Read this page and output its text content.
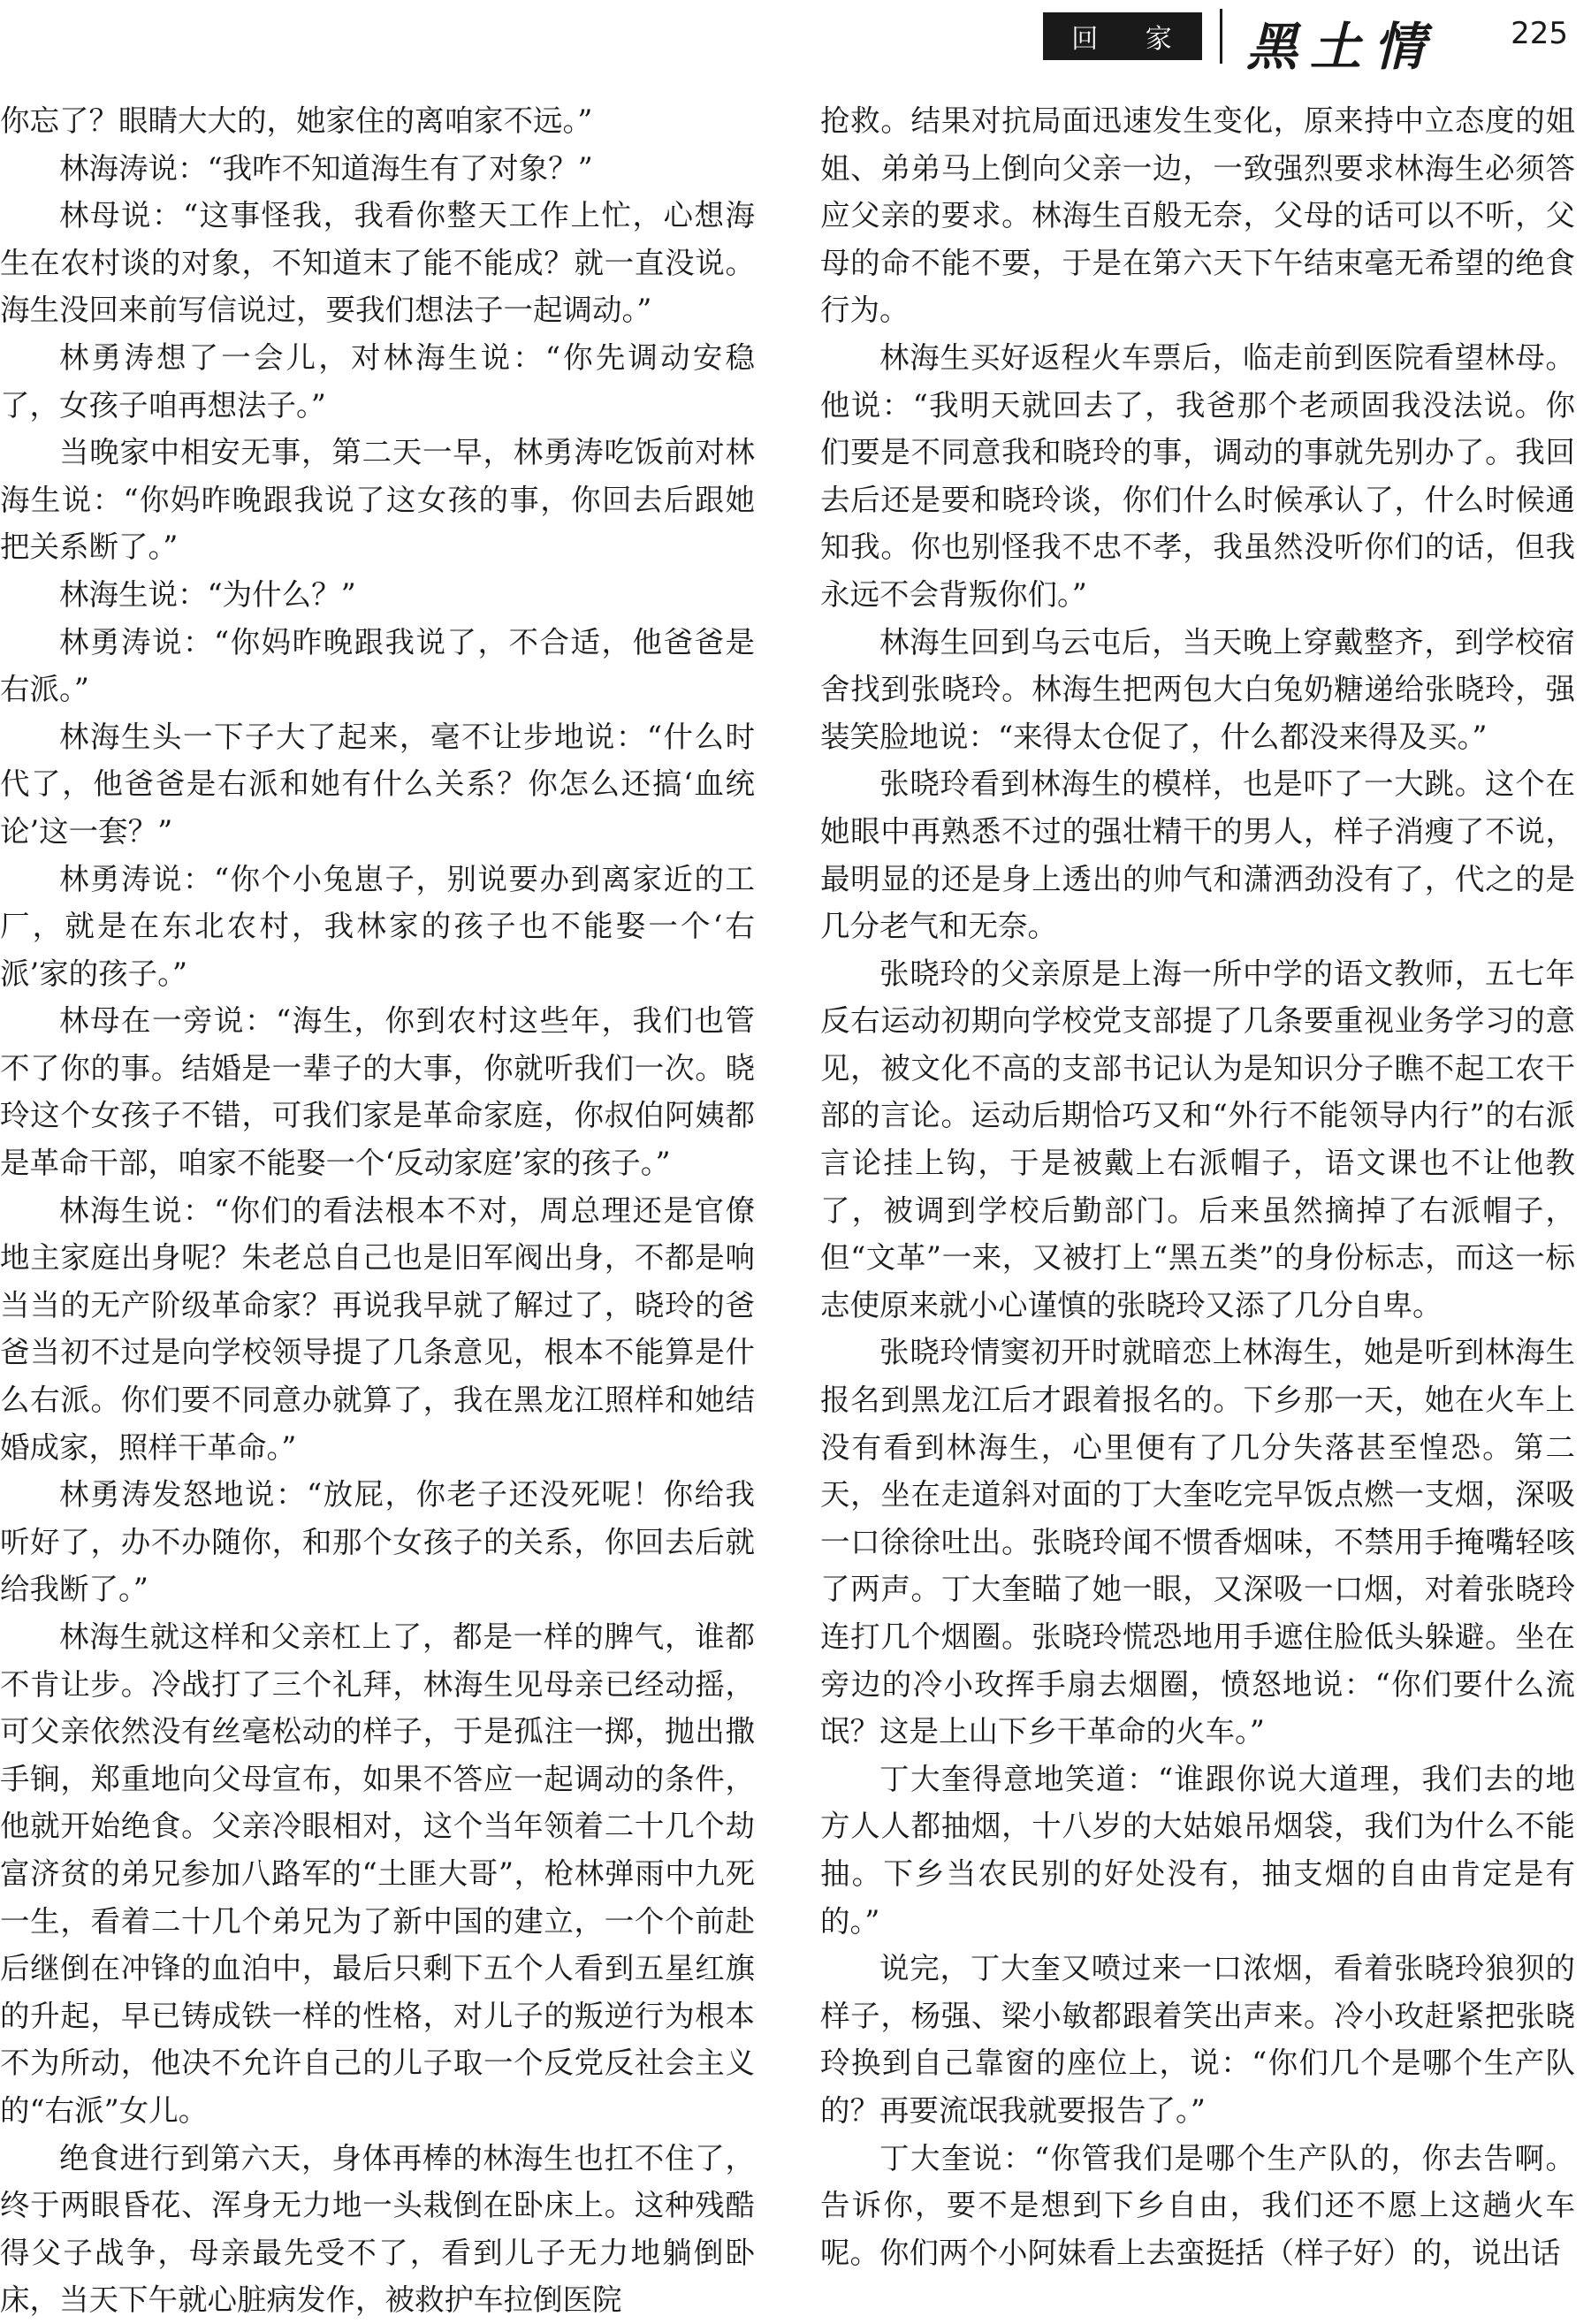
回 家 黑土情 225

你忘了？眼睛大大的，她家住的离咱家不远。”

林海涛说：“我咋不知道海生有了对象？”

林母说：“这事怪我，我看你整天工作上忙，心想海生在农村谈的对象，不知道末了能不能成？就一直没说。海生没回来前写信说过，要我们想法子一起调动。”

林勇涛想了一会儿，对林海生说：“你先调动安稳了，女孩子咱再想法子。”

当晚家中相安无事，第二天一早，林勇涛吃饭前对林海生说：“你妈昨晚跟我说了这女孩的事，你回去后跟她把关系断了。”

林海生说：“为什么？”

林勇涛说：“你妈昨晚跟我说了，不合适，他爸爸是右派。”

林海生头一下子大了起来，毫不让步地说：“什么时代了，他爸爸是右派和她有什么关系？你怎么还搞‘血统论’这一套？”

林勇涛说：“你个小兔崽子，别说要办到离家近的工厂，就是在东北农村，我林家的孩子也不能娶一个‘右派’家的孩子。”

林母在一旁说：“海生，你到农村这些年，我们也管不了你的事。结婚是一辈子的大事，你就听我们一次。晓玲这个女孩子不错，可我们家是革命家庭，你叔伯阿姨都是革命干部，咱家不能娶一个‘反动家庭’家的孩子。”

林海生说：“你们的看法根本不对，周总理还是官僚地主家庭出身呢？朱老总自己也是旧军阀出身，不都是响当当的无产阶级革命家？再说我早就了解过了，晓玲的爸爸当初不过是向学校领导提了几条意见，根本不能算是什么右派。你们要不同意办就算了，我在黑龙江照样和她结婚成家，照样干革命。”

林勇涛发怒地说：“放屁，你老子还没死呢！你给我听好了，办不办随你，和那个女孩子的关系，你回去后就给我断了。”

林海生就这样和父亲杠上了，都是一样的脾气，谁都不肯让步。冷战打了三个礼拜，林海生见母亲已经动摇，可父亲依然没有丝毫松动的样子，于是孤注一掷，抛出撒手锏，郑重地向父母宣布，如果不答应一起调动的条件，他就开始绝食。父亲冷眼相对，这个当年领着二十几个劫富济贫的弟兄参加八路军的“土匪大哥”，枪林弹雨中九死一生，看着二十几个弟兄为了新中国的建立，一个个前赴后继倒在冲锋的血泊中，最后只剩下五个人看到五星红旗的升起，早已铸成铁一样的性格，对儿子的叛逆行为根本不为所动，他决不允许自己的儿子取一个反党反社会主义的“右派”女儿。

绝食进行到第六天，身体再棒的林海生也扛不住了，终于两眼昏花、浑身无力地一头栽倒在卧床上。这种残酷得父子战争，母亲最先受不了，看到儿子无力地躺倒卧床，当天下午就心脏病发作，被救护车拉倒医院

抢救。结果对抗局面迅速发生变化，原来持中立态度的姐姐、弟弟马上倒向父亲一边，一致强烈要求林海生必须答应父亲的要求。林海生百般无奈，父母的话可以不听，父母的命不能不要，于是在第六天下午结束毫无希望的绝食行为。

林海生买好返程火车票后，临走前到医院看望林母。他说：“我明天就回去了，我爸那个老顽固我没法说。你们要是不同意我和晓玲的事，调动的事就先别办了。我回去后还是要和晓玲谈，你们什么时候承认了，什么时候通知我。你也别怪我不忠不孝，我虽然没听你们的话，但我永远不会背叛你们。”

林海生回到乌云屯后，当天晚上穿戴整齐，到学校宿舍找到张晓玲。林海生把两包大白兔奶糖递给张晓玲，强装笑脸地说：“来得太仓促了，什么都没来得及买。”

张晓玲看到林海生的模样，也是吓了一大跳。这个在她眼中再熟悉不过的强壮精干的男人，样子消瘦了不说，最明显的还是身上透出的帅气和潇洒劲没有了，代之的是几分老气和无奈。

张晓玲的父亲原是上海一所中学的语文教师，五七年反右运动初期向学校党支部提了几条要重视业务学习的意见，被文化不高的支部书记认为是知识分子瞧不起工农干部的言论。运动后期恰巧又和“外行不能领导内行”的右派言论挂上钩，于是被戴上右派帽子，语文课也不让他教了，被调到学校后勤部门。后来虽然摘掉了右派帽子，但“文革”一来，又被打上“黑五类”的身份标志，而这一标志使原来就小心谨慎的张晓玲又添了几分自卑。

张晓玲情窦初开时就暗恋上林海生，她是听到林海生报名到黑龙江后才跟着报名的。下乡那一天，她在火车上没有看到林海生，心里便有了几分失落甚至惶恐。第二天，坐在走道斜对面的丁大奎吃完早饭点燃一支烟，深吸一口徐徐吐出。张晓玲闻不惯香烟味，不禁用手掩嘴轻咳了两声。丁大奎瞄了她一眼，又深吸一口烟，对着张晓玲连打几个烟圈。张晓玲慌恐地用手遮住脸低头躲避。坐在旁边的冷小玫挥手扇去烟圈，愤怒地说：“你们要什么流氓？这是上山下乡干革命的火车。”

丁大奎得意地笑道：“谁跟你说大道理，我们去的地方人人都抽烟，十八岁的大姑娘吊烟袋，我们为什么不能抽。下乡当农民别的好处没有，抽支烟的自由肯定是有的。”

说完，丁大奎又喷过来一口浓烟，看着张晓玲狼狈的样子，杨强、梁小敏都跟着笑出声来。冷小玫赶紧把张晓玲换到自己靠窗的座位上，说：“你们几个是哪个生产队的？再要流氓我就要报告了。”

丁大奎说：“你管我们是哪个生产队的，你去告啊。告诉你，要不是想到下乡自由，我们还不愿上这趟火车呢。你们两个小阿妹看上去蛮挺括（样子好）的，说出话
